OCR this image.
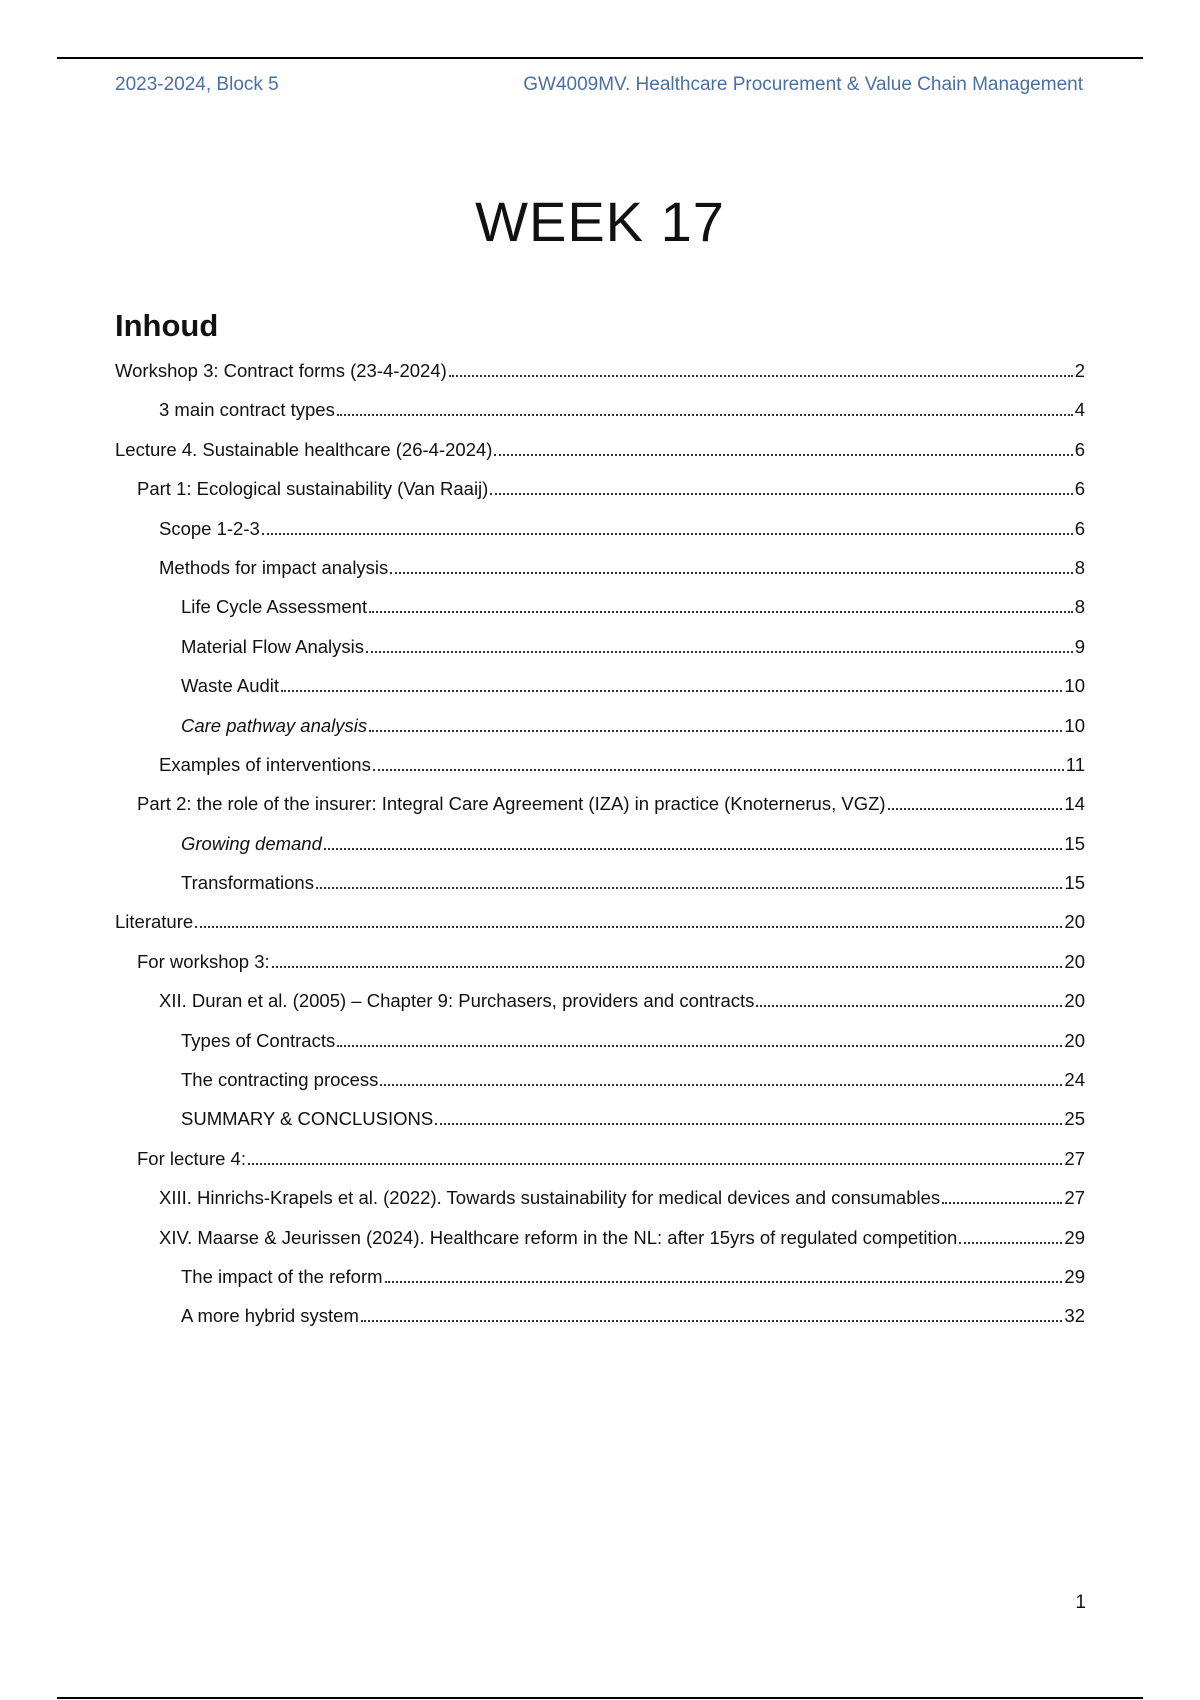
2023-2024, Block 5	GW4009MV. Healthcare Procurement & Value Chain Management
WEEK 17
Inhoud
Workshop 3: Contract forms (23-4-2024)	2
3 main contract types	4
Lecture 4. Sustainable healthcare (26-4-2024)	6
Part 1: Ecological sustainability (Van Raaij)	6
Scope 1-2-3	6
Methods for impact analysis	8
Life Cycle Assessment	8
Material Flow Analysis	9
Waste Audit	10
Care pathway analysis	10
Examples of interventions	11
Part 2: the role of the insurer: Integral Care Agreement (IZA) in practice (Knoternerus, VGZ)	14
Growing demand	15
Transformations	15
Literature	20
For workshop 3:	20
XII. Duran et al. (2005) – Chapter 9: Purchasers, providers and contracts	20
Types of Contracts	20
The contracting process	24
SUMMARY & CONCLUSIONS	25
For lecture 4:	27
XIII. Hinrichs-Krapels et al. (2022). Towards sustainability for medical devices and consumables	27
XIV. Maarse & Jeurissen (2024). Healthcare reform in the NL: after 15yrs of regulated competition	29
The impact of the reform	29
A more hybrid system	32
1
